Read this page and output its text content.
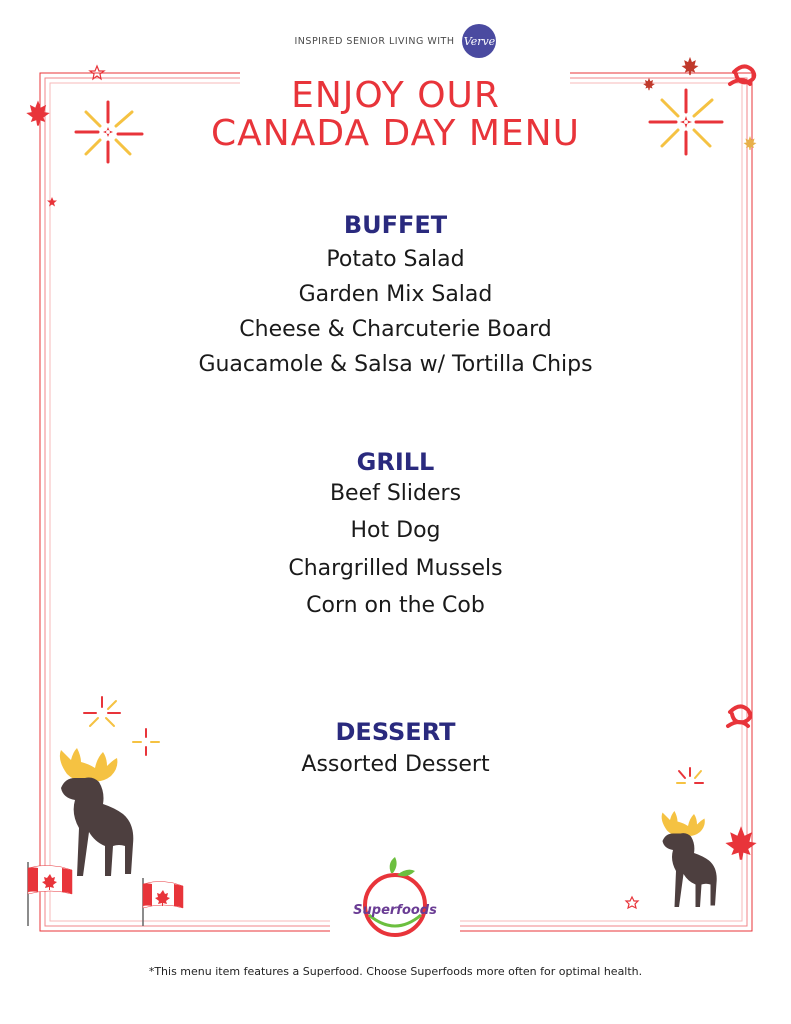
INSPIRED SENIOR LIVING WITH Verve
ENJOY OUR
CANADA DAY MENU
BUFFET
Potato Salad
Garden Mix Salad
Cheese & Charcuterie Board
Guacamole & Salsa w/ Tortilla Chips
GRILL
Beef Sliders
Hot Dog
Chargrilled Mussels
Corn on the Cob
DESSERT
Assorted Dessert
Superfoods
*This menu item features a Superfood. Choose Superfoods more often for optimal health.
